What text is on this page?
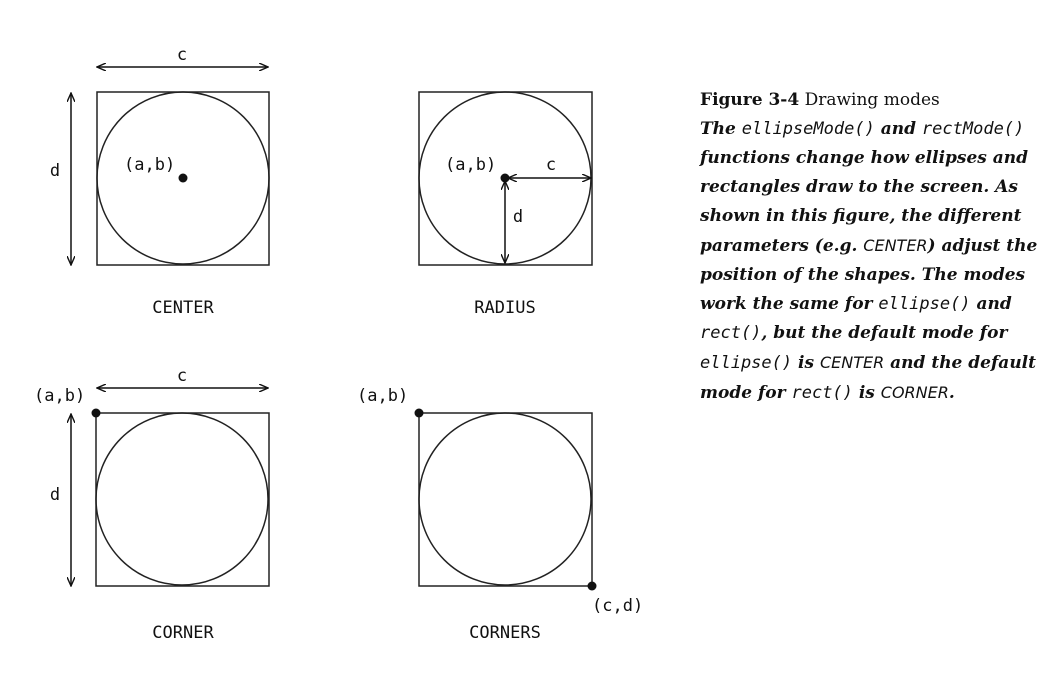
c
d	(a,b)
CENTER
(a,b)	c
d
RADIUS
c
d
(a,b)
CORNER
(a,b)
(c,d)
CORNERS
Figure 3-4 Drawing modes
The ellipseMode() and rectMode() functions change how ellipses and rectangles draw to the screen. As shown in this figure, the different parameters (e.g. CENTER) adjust the position of the shapes. The modes work the same for ellipse() and rect(), but the default mode for ellipse() is CENTER and the default mode for rect() is CORNER.
